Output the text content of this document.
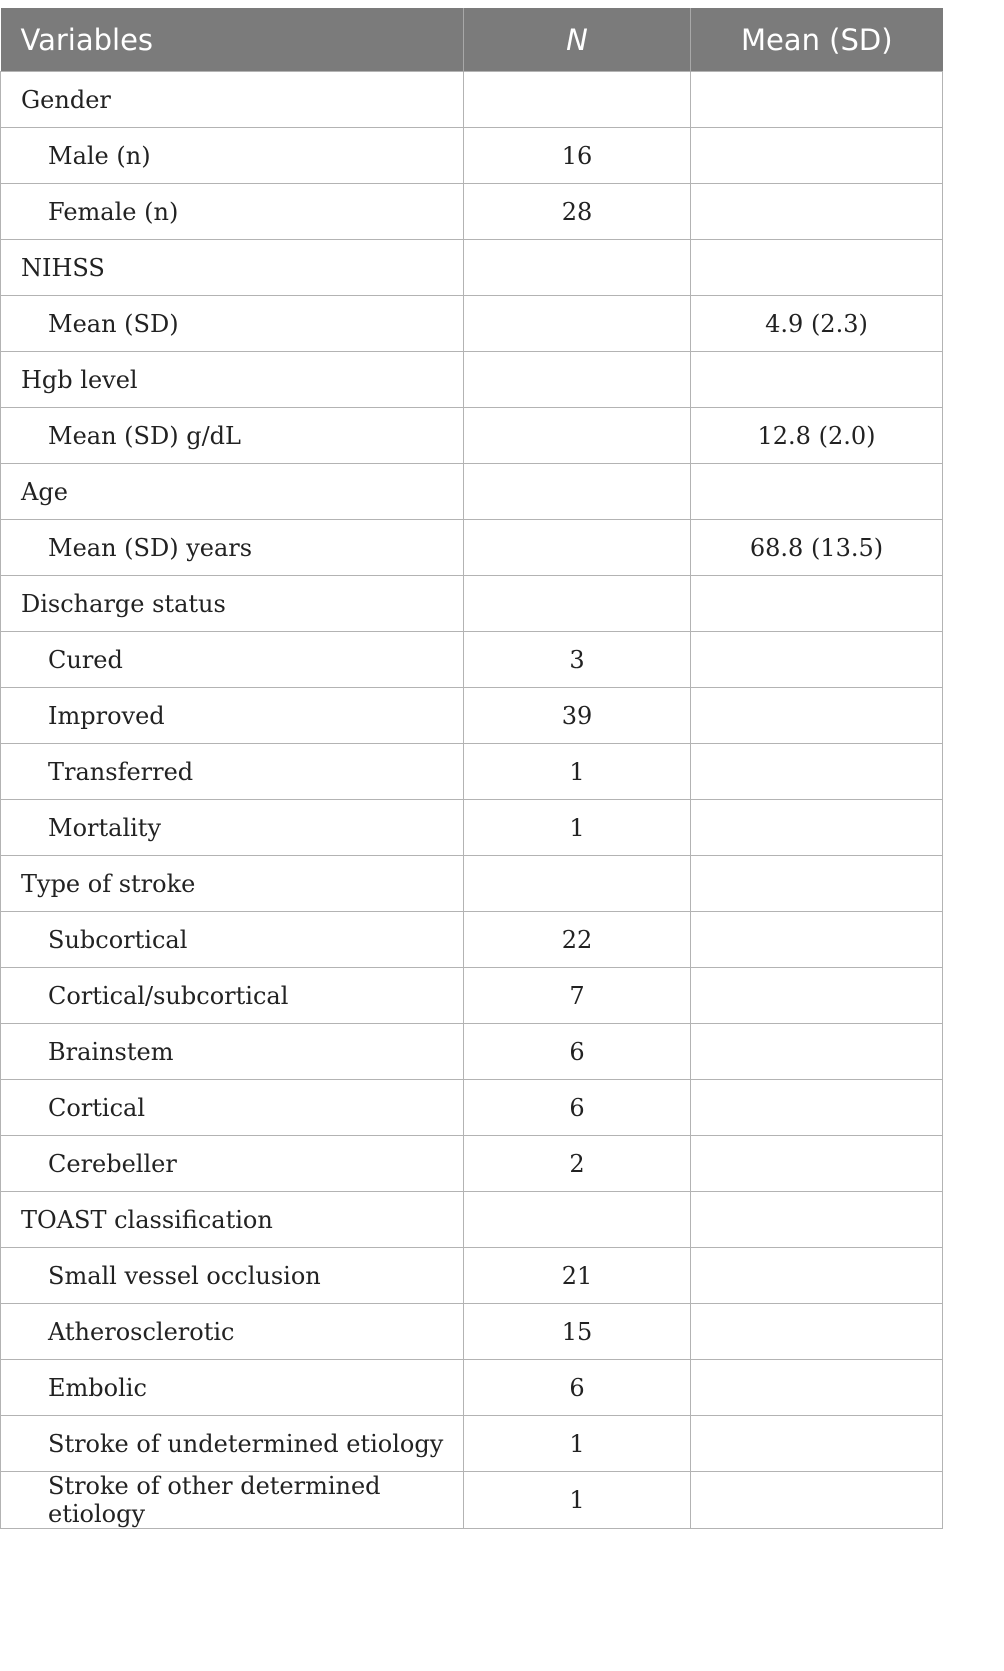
Variables	N	Mean (SD)
Gender		
Male (n)	16	
Female (n)	28	
NIHSS		
Mean (SD)		4.9 (2.3)
Hgb level		
Mean (SD) g/dL		12.8 (2.0)
Age		
Mean (SD) years		68.8 (13.5)
Discharge status		
Cured	3	
Improved	39	
Transferred	1	
Mortality	1	
Type of stroke		
Subcortical	22	
Cortical/subcortical	7	
Brainstem	6	
Cortical	6	
Cerebeller	2	
TOAST classification		
Small vessel occlusion	21	
Atherosclerotic	15	
Embolic	6	
Stroke of undetermined etiology	1	
Stroke of other determined etiology	1	
